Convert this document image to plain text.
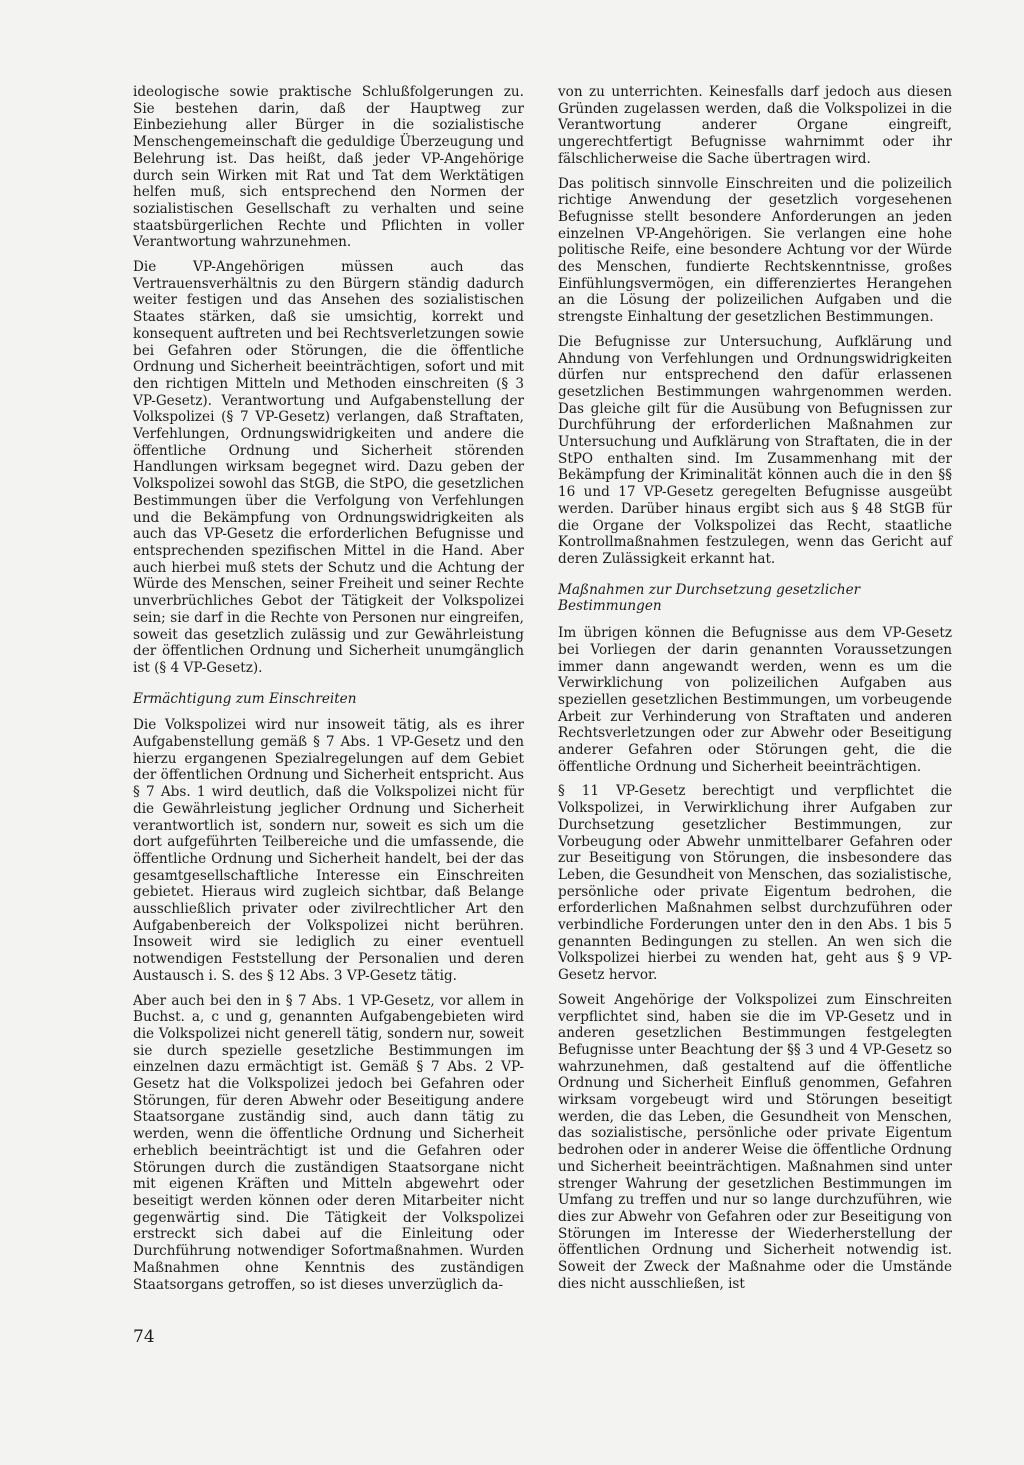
ideologische sowie praktische Schlußfolgerungen zu. Sie bestehen darin, daß der Hauptweg zur Einbeziehung aller Bürger in die sozialistische Menschengemeinschaft die geduldige Überzeugung und Belehrung ist. Das heißt, daß jeder VP-Angehörige durch sein Wirken mit Rat und Tat dem Werktätigen helfen muß, sich entsprechend den Normen der sozialistischen Gesellschaft zu verhalten und seine staatsbürgerlichen Rechte und Pflichten in voller Verantwortung wahrzunehmen.

Die VP-Angehörigen müssen auch das Vertrauensverhältnis zu den Bürgern ständig dadurch weiter festigen und das Ansehen des sozialistischen Staates stärken, daß sie umsichtig, korrekt und konsequent auftreten und bei Rechtsverletzungen sowie bei Gefahren oder Störungen, die die öffentliche Ordnung und Sicherheit beeinträchtigen, sofort und mit den richtigen Mitteln und Methoden einschreiten (§ 3 VP-Gesetz). Verantwortung und Aufgabenstellung der Volkspolizei (§ 7 VP-Gesetz) verlangen, daß Straftaten, Verfehlungen, Ordnungswidrigkeiten und andere die öffentliche Ordnung und Sicherheit störenden Handlungen wirksam begegnet wird. Dazu geben der Volkspolizei sowohl das StGB, die StPO, die gesetzlichen Bestimmungen über die Verfolgung von Verfehlungen und die Bekämpfung von Ordnungswidrigkeiten als auch das VP-Gesetz die erforderlichen Befugnisse und entsprechenden spezifischen Mittel in die Hand. Aber auch hierbei muß stets der Schutz und die Achtung der Würde des Menschen, seiner Freiheit und seiner Rechte unverbrüchliches Gebot der Tätigkeit der Volkspolizei sein; sie darf in die Rechte von Personen nur eingreifen, soweit das gesetzlich zulässig und zur Gewährleistung der öffentlichen Ordnung und Sicherheit unumgänglich ist (§ 4 VP-Gesetz).

Ermächtigung zum Einschreiten

Die Volkspolizei wird nur insoweit tätig, als es ihrer Aufgabenstellung gemäß § 7 Abs. 1 VP-Gesetz und den hierzu ergangenen Spezialregelungen auf dem Gebiet der öffentlichen Ordnung und Sicherheit entspricht. Aus § 7 Abs. 1 wird deutlich, daß die Volkspolizei nicht für die Gewährleistung jeglicher Ordnung und Sicherheit verantwortlich ist, sondern nur, soweit es sich um die dort aufgeführten Teilbereiche und die umfassende, die öffentliche Ordnung und Sicherheit handelt, bei der das gesamtgesellschaftliche Interesse ein Einschreiten gebietet. Hieraus wird zugleich sichtbar, daß Belange ausschließlich privater oder zivilrechtlicher Art den Aufgabenbereich der Volkspolizei nicht berühren. Insoweit wird sie lediglich zu einer eventuell notwendigen Feststellung der Personalien und deren Austausch i. S. des § 12 Abs. 3 VP-Gesetz tätig.

Aber auch bei den in § 7 Abs. 1 VP-Gesetz, vor allem in Buchst. a, c und g, genannten Aufgabengebieten wird die Volkspolizei nicht generell tätig, sondern nur, soweit sie durch spezielle gesetzliche Bestimmungen im einzelnen dazu ermächtigt ist. Gemäß § 7 Abs. 2 VP-Gesetz hat die Volkspolizei jedoch bei Gefahren oder Störungen, für deren Abwehr oder Beseitigung andere Staatsorgane zuständig sind, auch dann tätig zu werden, wenn die öffentliche Ordnung und Sicherheit erheblich beeinträchtigt ist und die Gefahren oder Störungen durch die zuständigen Staatsorgane nicht mit eigenen Kräften und Mitteln abgewehrt oder beseitigt werden können oder deren Mitarbeiter nicht gegenwärtig sind. Die Tätigkeit der Volkspolizei erstreckt sich dabei auf die Einleitung oder Durchführung notwendiger Sofortmaßnahmen. Wurden Maßnahmen ohne Kenntnis des zuständigen Staatsorgans getroffen, so ist dieses unverzüglich da-

von zu unterrichten. Keinesfalls darf jedoch aus diesen Gründen zugelassen werden, daß die Volkspolizei in die Verantwortung anderer Organe eingreift, ungerechtfertigt Befugnisse wahrnimmt oder ihr fälschlicherweise die Sache übertragen wird.

Das politisch sinnvolle Einschreiten und die polizeilich richtige Anwendung der gesetzlich vorgesehenen Befugnisse stellt besondere Anforderungen an jeden einzelnen VP-Angehörigen. Sie verlangen eine hohe politische Reife, eine besondere Achtung vor der Würde des Menschen, fundierte Rechtskenntnisse, großes Einfühlungsvermögen, ein differenziertes Herangehen an die Lösung der polizeilichen Aufgaben und die strengste Einhaltung der gesetzlichen Bestimmungen.

Die Befugnisse zur Untersuchung, Aufklärung und Ahndung von Verfehlungen und Ordnungswidrigkeiten dürfen nur entsprechend den dafür erlassenen gesetzlichen Bestimmungen wahrgenommen werden. Das gleiche gilt für die Ausübung von Befugnissen zur Durchführung der erforderlichen Maßnahmen zur Untersuchung und Aufklärung von Straftaten, die in der StPO enthalten sind. Im Zusammenhang mit der Bekämpfung der Kriminalität können auch die in den §§ 16 und 17 VP-Gesetz geregelten Befugnisse ausgeübt werden. Darüber hinaus ergibt sich aus § 48 StGB für die Organe der Volkspolizei das Recht, staatliche Kontrollmaßnahmen festzulegen, wenn das Gericht auf deren Zulässigkeit erkannt hat.

Maßnahmen zur Durchsetzung gesetzlicher Bestimmungen

Im übrigen können die Befugnisse aus dem VP-Gesetz bei Vorliegen der darin genannten Voraussetzungen immer dann angewandt werden, wenn es um die Verwirklichung von polizeilichen Aufgaben aus speziellen gesetzlichen Bestimmungen, um vorbeugende Arbeit zur Verhinderung von Straftaten und anderen Rechtsverletzungen oder zur Abwehr oder Beseitigung anderer Gefahren oder Störungen geht, die die öffentliche Ordnung und Sicherheit beeinträchtigen.

§ 11 VP-Gesetz berechtigt und verpflichtet die Volkspolizei, in Verwirklichung ihrer Aufgaben zur Durchsetzung gesetzlicher Bestimmungen, zur Vorbeugung oder Abwehr unmittelbarer Gefahren oder zur Beseitigung von Störungen, die insbesondere das Leben, die Gesundheit von Menschen, das sozialistische, persönliche oder private Eigentum bedrohen, die erforderlichen Maßnahmen selbst durchzuführen oder verbindliche Forderungen unter den in den Abs. 1 bis 5 genannten Bedingungen zu stellen. An wen sich die Volkspolizei hierbei zu wenden hat, geht aus § 9 VP-Gesetz hervor.

Soweit Angehörige der Volkspolizei zum Einschreiten verpflichtet sind, haben sie die im VP-Gesetz und in anderen gesetzlichen Bestimmungen festgelegten Befugnisse unter Beachtung der §§ 3 und 4 VP-Gesetz so wahrzunehmen, daß gestaltend auf die öffentliche Ordnung und Sicherheit Einfluß genommen, Gefahren wirksam vorgebeugt wird und Störungen beseitigt werden, die das Leben, die Gesundheit von Menschen, das sozialistische, persönliche oder private Eigentum bedrohen oder in anderer Weise die öffentliche Ordnung und Sicherheit beeinträchtigen. Maßnahmen sind unter strenger Wahrung der gesetzlichen Bestimmungen im Umfang zu treffen und nur so lange durchzuführen, wie dies zur Abwehr von Gefahren oder zur Beseitigung von Störungen im Interesse der Wiederherstellung der öffentlichen Ordnung und Sicherheit notwendig ist. Soweit der Zweck der Maßnahme oder die Umstände dies nicht ausschließen, ist

74
